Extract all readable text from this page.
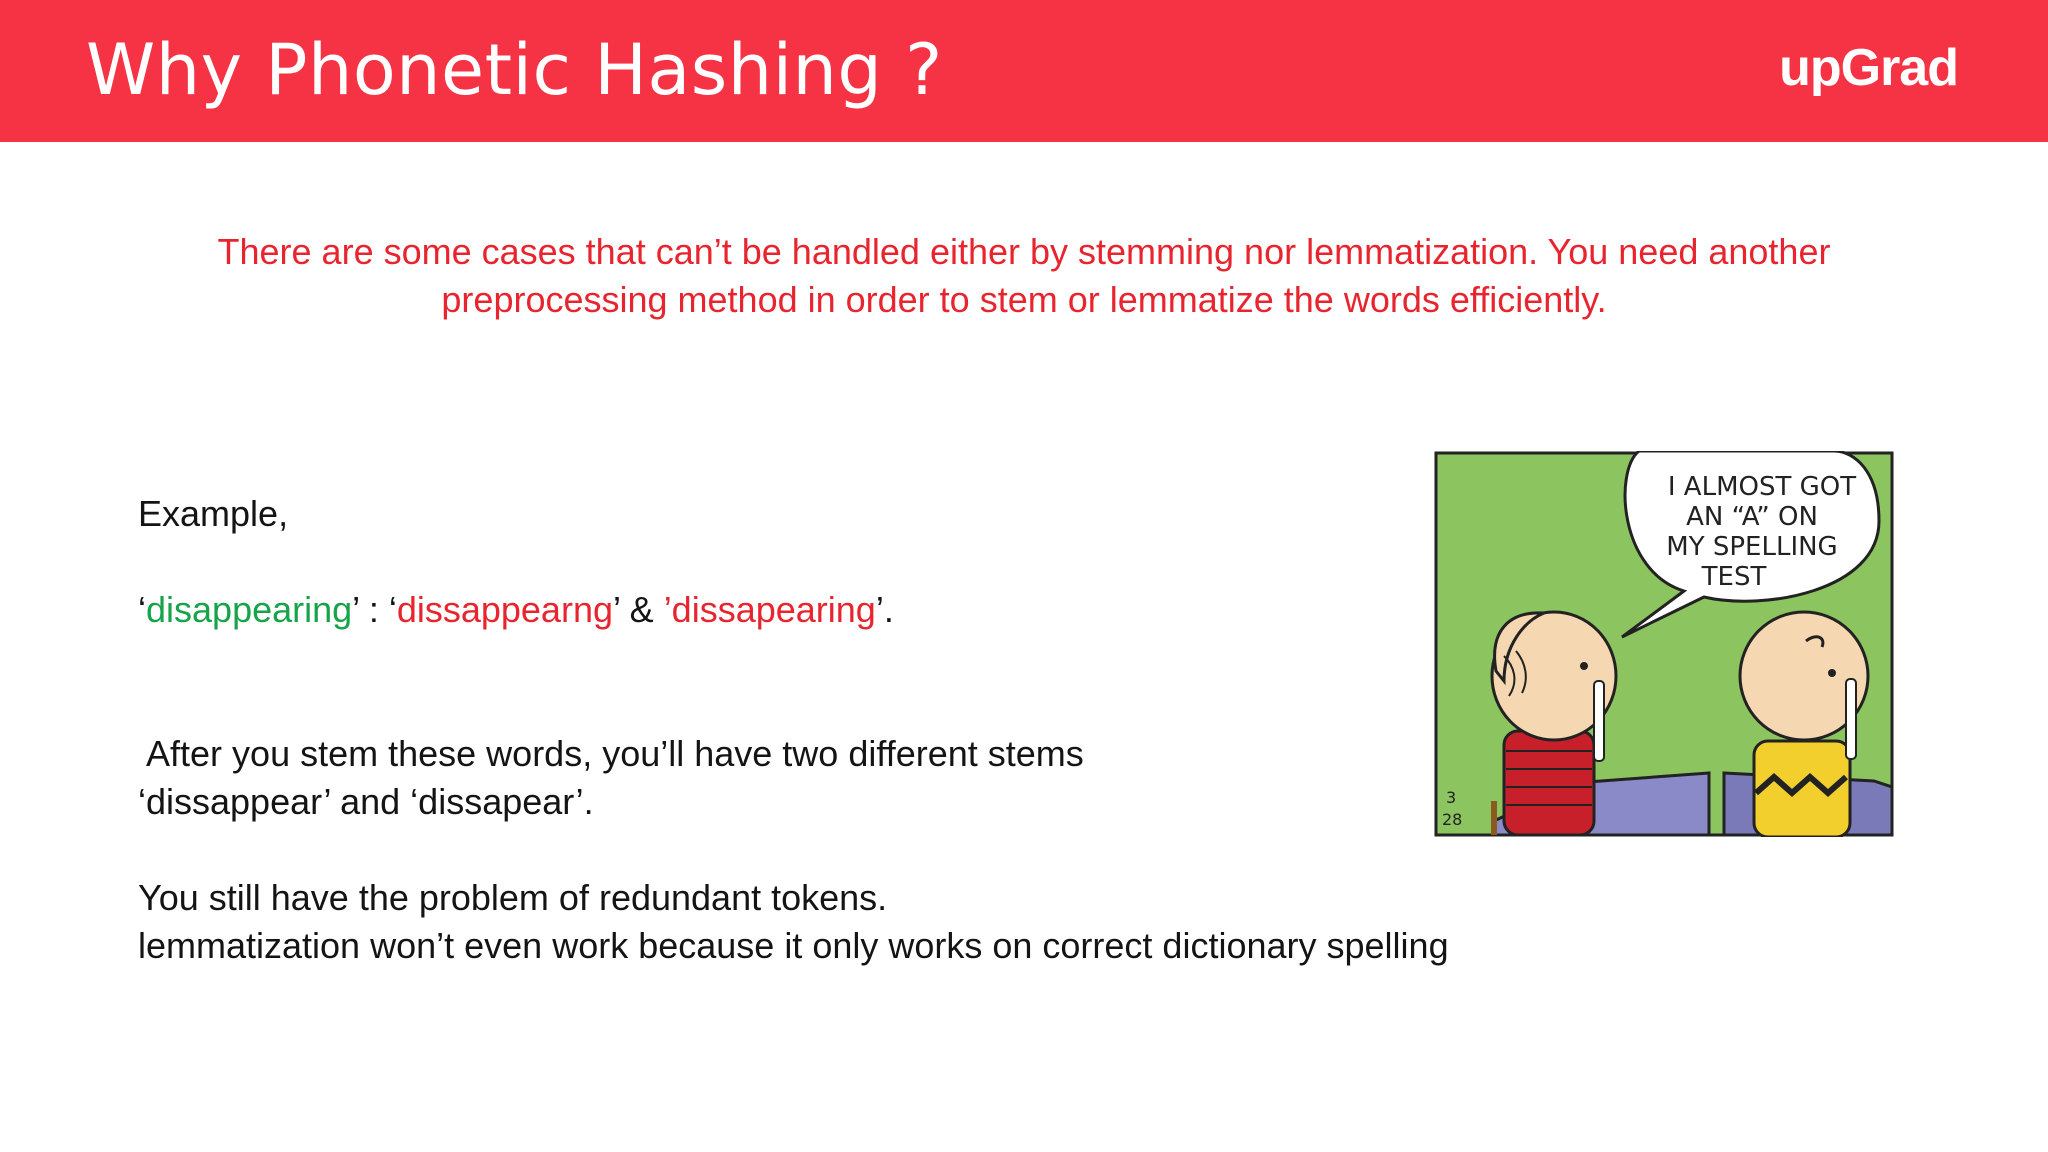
Why Phonetic Hashing ?	upGrad
There are some cases that can’t be handled either by stemming nor lemmatization. You need another
preprocessing method in order to stem or lemmatize the words efficiently.

Example,

‘disappearing’ : ‘dissappearng’ & ’dissapearing’.

After you stem these words, you’ll have two different stems

‘dissappear’ and ‘dissapear’.

You still have the problem of redundant tokens.

lemmatization won’t even work because it only works on correct dictionary spelling

I ALMOST GOT
AN “A” ON
MY SPELLING
TEST
3
28
